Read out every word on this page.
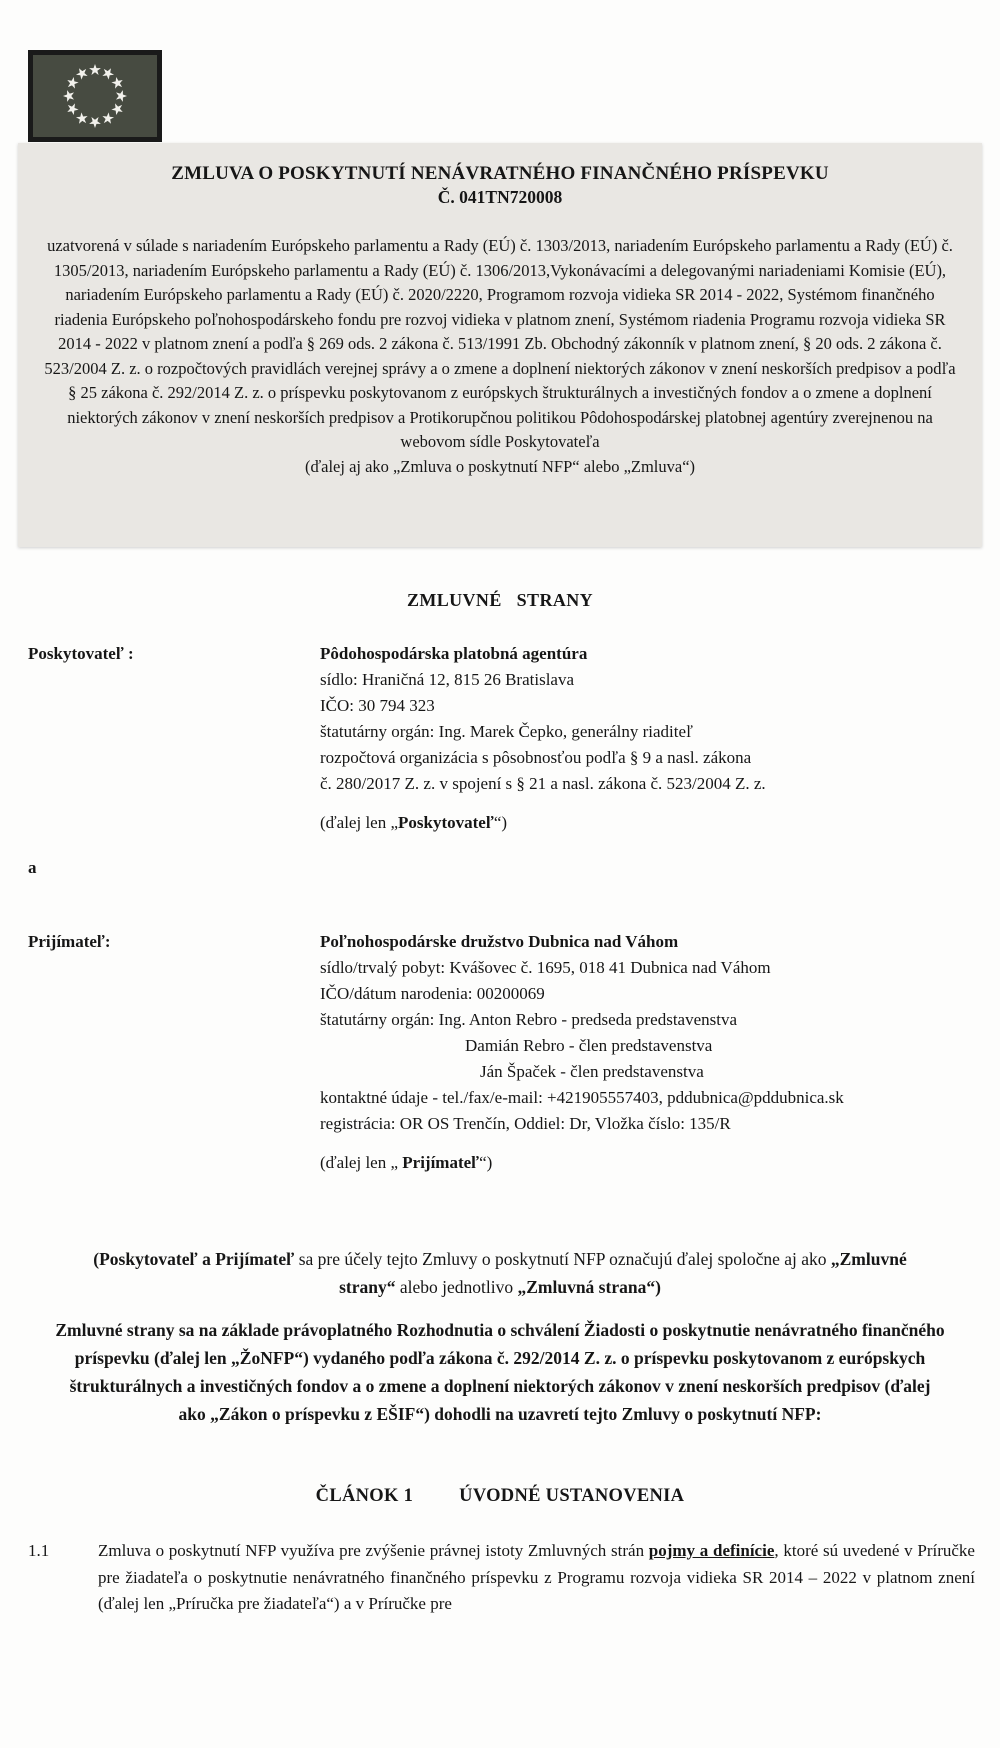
ZMLUVA O POSKYTNUTÍ NENÁVRATNÉHO FINANČNÉHO PRÍSPEVKU
Č. 041TN720008

uzatvorená v súlade s nariadením Európskeho parlamentu a Rady (EÚ) č. 1303/2013, nariadením Európskeho parlamentu a Rady (EÚ) č. 1305/2013, nariadením Európskeho parlamentu a Rady (EÚ) č. 1306/2013,Vykonávacími a delegovanými nariadeniami Komisie (EÚ), nariadením Európskeho parlamentu a Rady (EÚ) č. 2020/2220, Programom rozvoja vidieka SR 2014 - 2022, Systémom finančného riadenia Európskeho poľnohospodárskeho fondu pre rozvoj vidieka v platnom znení, Systémom riadenia Programu rozvoja vidieka SR 2014 - 2022 v platnom znení a podľa § 269 ods. 2 zákona č. 513/1991 Zb. Obchodný zákonník v platnom znení, § 20 ods. 2 zákona č. 523/2004 Z. z. o rozpočtových pravidlách verejnej správy a o zmene a doplnení niektorých zákonov v znení neskorších predpisov a podľa § 25 zákona č. 292/2014 Z. z. o príspevku poskytovanom z európskych štrukturálnych a investičných fondov a o zmene a doplnení niektorých zákonov v znení neskorších predpisov a Protikorupčnou politikou Pôdohospodárskej platobnej agentúry zverejnenou na webovom sídle Poskytovateľa

(ďalej aj ako „Zmluva o poskytnutí NFP“ alebo „Zmluva“)

ZMLUVNÉ STRANY
Poskytovateľ :	Pôdohospodárska platobná agentúra
sídlo: Hraničná 12, 815 26 Bratislava
IČO: 30 794 323
štatutárny orgán: Ing. Marek Čepko, generálny riaditeľ
rozpočtová organizácia s pôsobnosťou podľa § 9 a nasl. zákona
č. 280/2017 Z. z. v spojení s § 21 a nasl. zákona č. 523/2004 Z. z.
(ďalej len „Poskytovateľ“)
a
Prijímateľ:	Poľnohospodárske družstvo Dubnica nad Váhom
sídlo/trvalý pobyt: Kvášovec č. 1695, 018 41 Dubnica nad Váhom
IČO/dátum narodenia: 00200069
štatutárny orgán: Ing. Anton Rebro - predseda predstavenstva
Damián Rebro - člen predstavenstva
Ján Špaček - člen predstavenstva
kontaktné údaje - tel./fax/e-mail: +421905557403, pddubnica@pddubnica.sk
registrácia: OR OS Trenčín, Oddiel: Dr, Vložka číslo: 135/R
(ďalej len „ Prijímateľ“)

(Poskytovateľ a Prijímateľ sa pre účely tejto Zmluvy o poskytnutí NFP označujú ďalej spoločne aj ako „Zmluvné strany“ alebo jednotlivo „Zmluvná strana“)

Zmluvné strany sa na základe právoplatného Rozhodnutia o schválení Žiadosti o poskytnutie nenávratného finančného príspevku (ďalej len „ŽoNFP“) vydaného podľa zákona č. 292/2014 Z. z. o príspevku poskytovanom z európskych štrukturálnych a investičných fondov a o zmene a doplnení niektorých zákonov v znení neskorších predpisov (ďalej ako „Zákon o príspevku z EŠIF“) dohodli na uzavretí tejto Zmluvy o poskytnutí NFP:

ČLÁNOK 1 ÚVODNÉ USTANOVENIA
1.1	Zmluva o poskytnutí NFP využíva pre zvýšenie právnej istoty Zmluvných strán pojmy a definície, ktoré sú uvedené v Príručke pre žiadateľa o poskytnutie nenávratného finančného príspevku z Programu rozvoja vidieka SR 2014 – 2022 v platnom znení (ďalej len „Príručka pre žiadateľa“) a v Príručke pre
